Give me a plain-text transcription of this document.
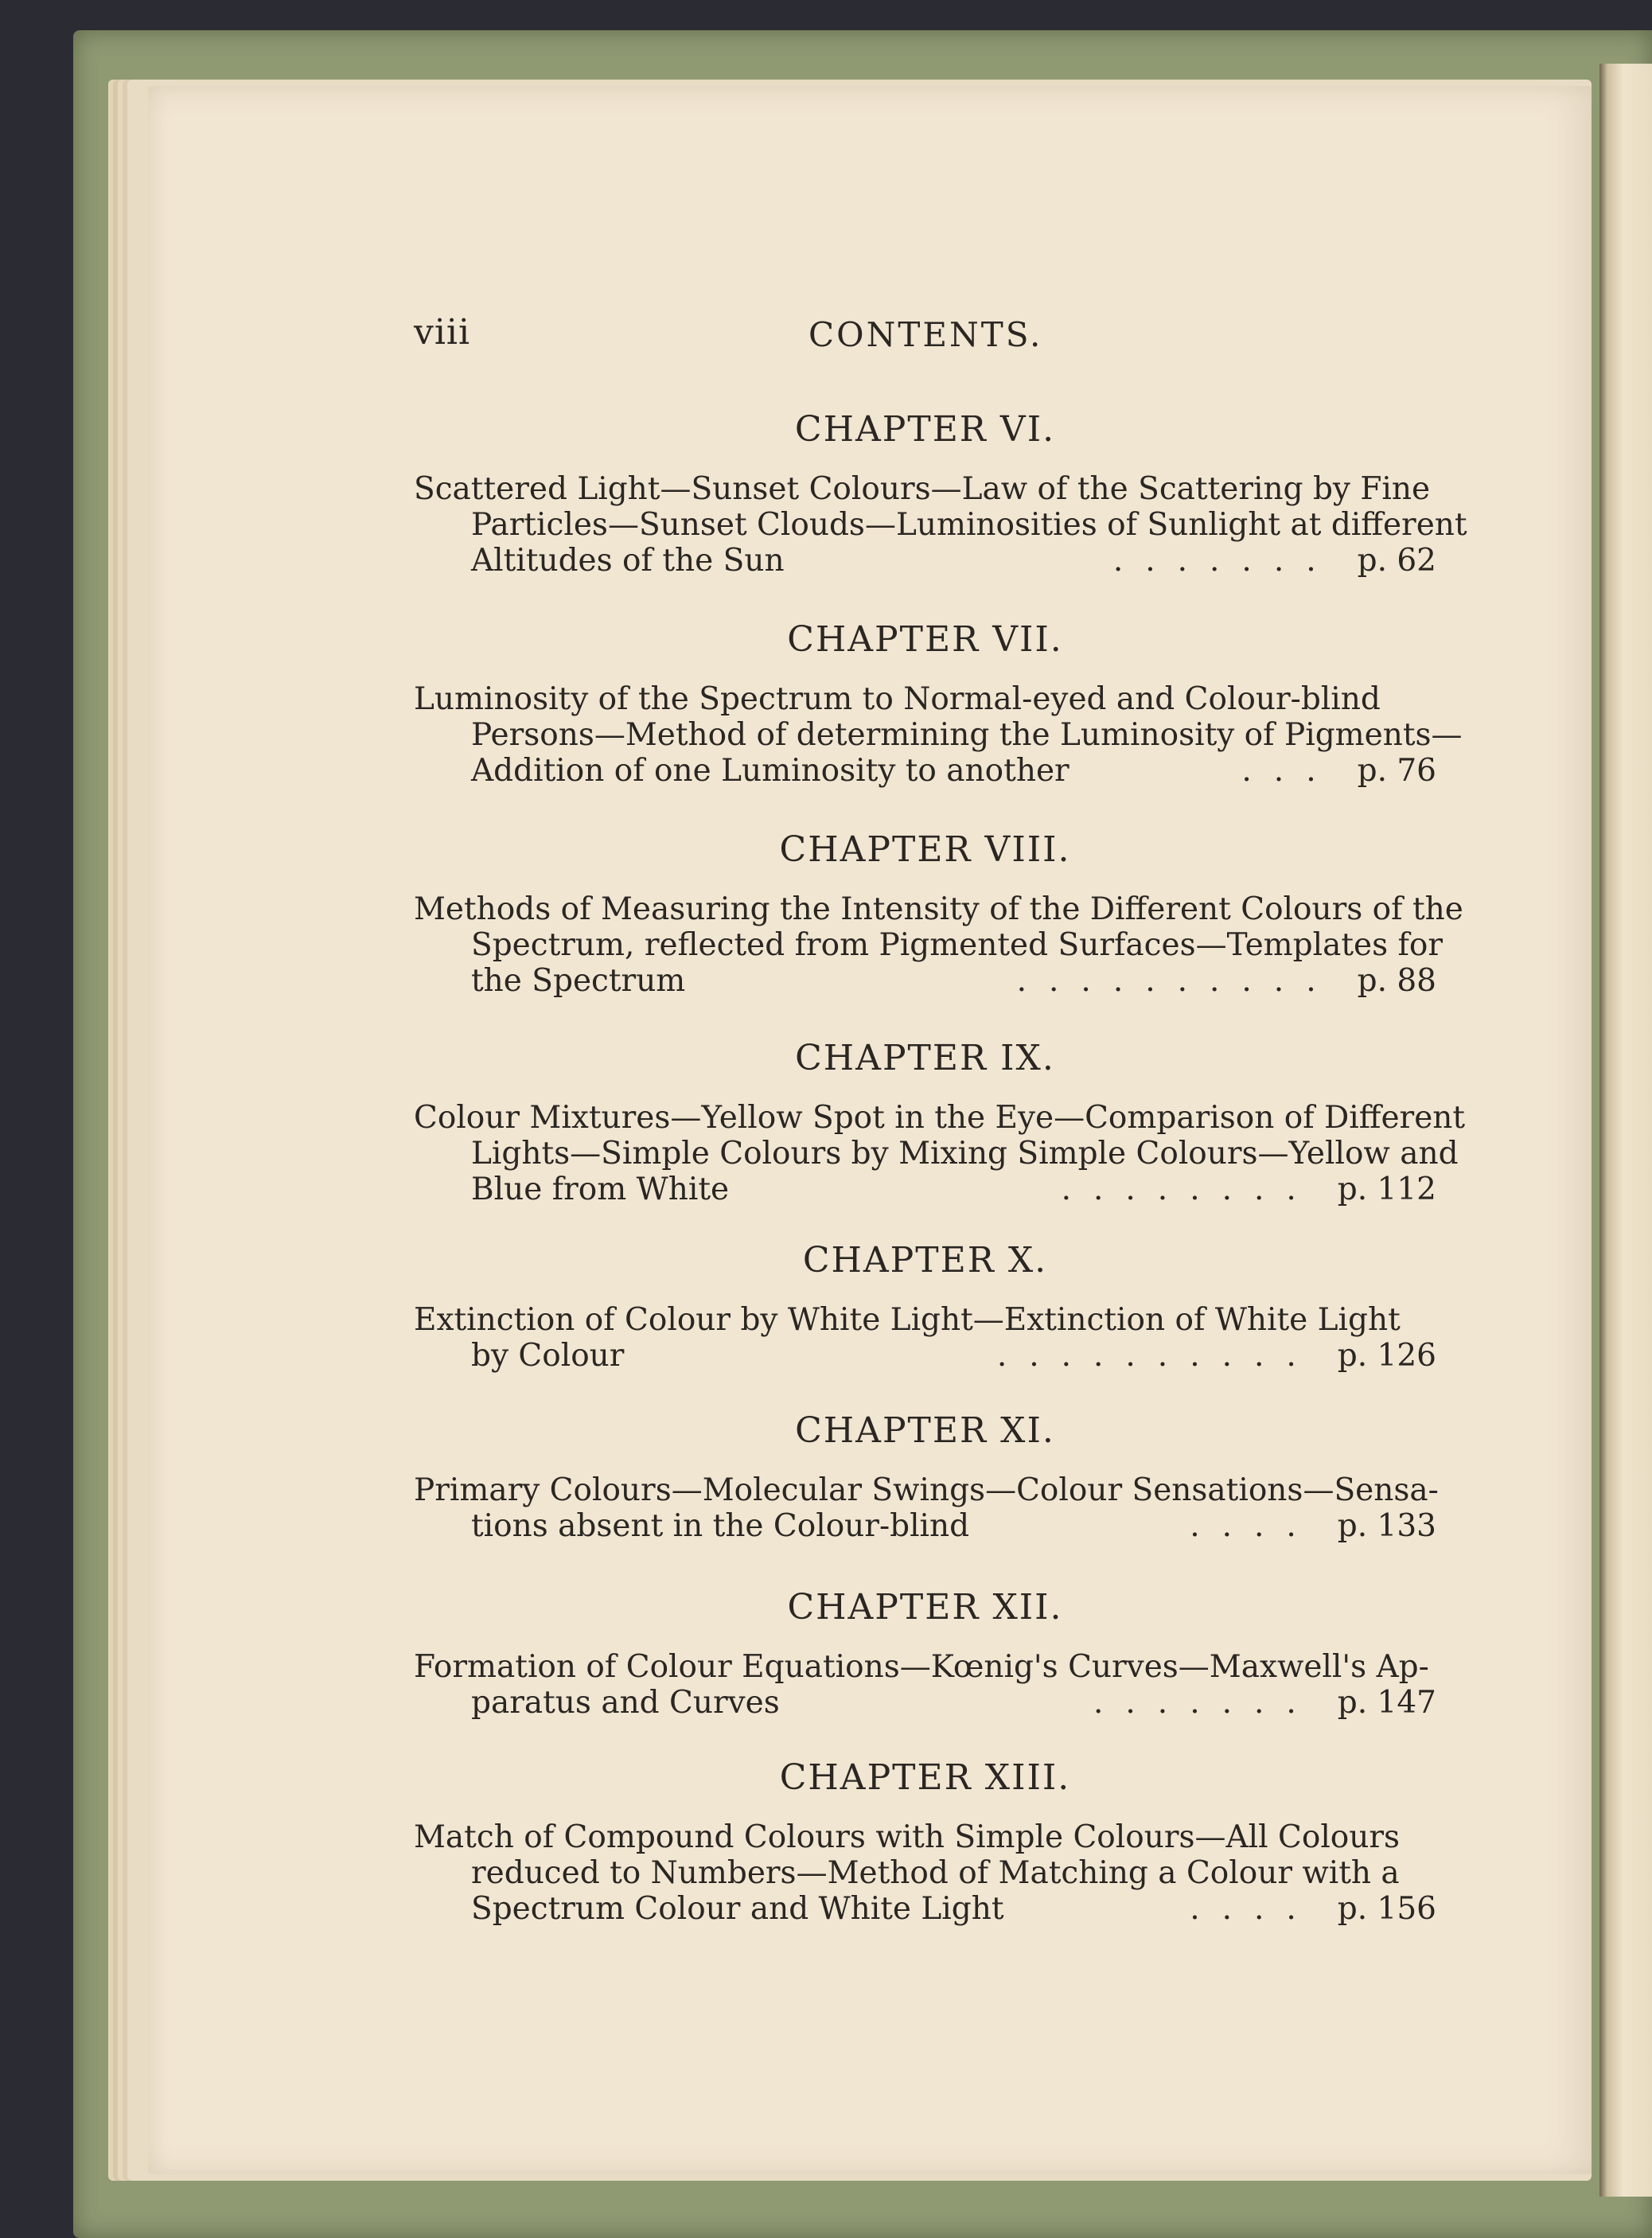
viii	CONTENTS.
CHAPTER VI.
Scattered Light—Sunset Colours—Law of the Scattering by Fine
Particles—Sunset Clouds—Luminosities of Sunlight at different
Altitudes of the Sun	....... p. 62
CHAPTER VII.
Luminosity of the Spectrum to Normal-eyed and Colour-blind
Persons—Method of determining the Luminosity of Pigments—
Addition of one Luminosity to another	... p. 76
CHAPTER VIII.
Methods of Measuring the Intensity of the Different Colours of the
Spectrum, reflected from Pigmented Surfaces—Templates for
the Spectrum	.......... p. 88
CHAPTER IX.
Colour Mixtures—Yellow Spot in the Eye—Comparison of Different
Lights—Simple Colours by Mixing Simple Colours—Yellow and
Blue from White	........ p. 112
CHAPTER X.
Extinction of Colour by White Light—Extinction of White Light
by Colour	.......... p. 126
CHAPTER XI.
Primary Colours—Molecular Swings—Colour Sensations—Sensa-
tions absent in the Colour-blind	.... p. 133
CHAPTER XII.
Formation of Colour Equations—Kœnig's Curves—Maxwell's Ap-
paratus and Curves	....... p. 147
CHAPTER XIII.
Match of Compound Colours with Simple Colours—All Colours
reduced to Numbers—Method of Matching a Colour with a
Spectrum Colour and White Light	.... p. 156
